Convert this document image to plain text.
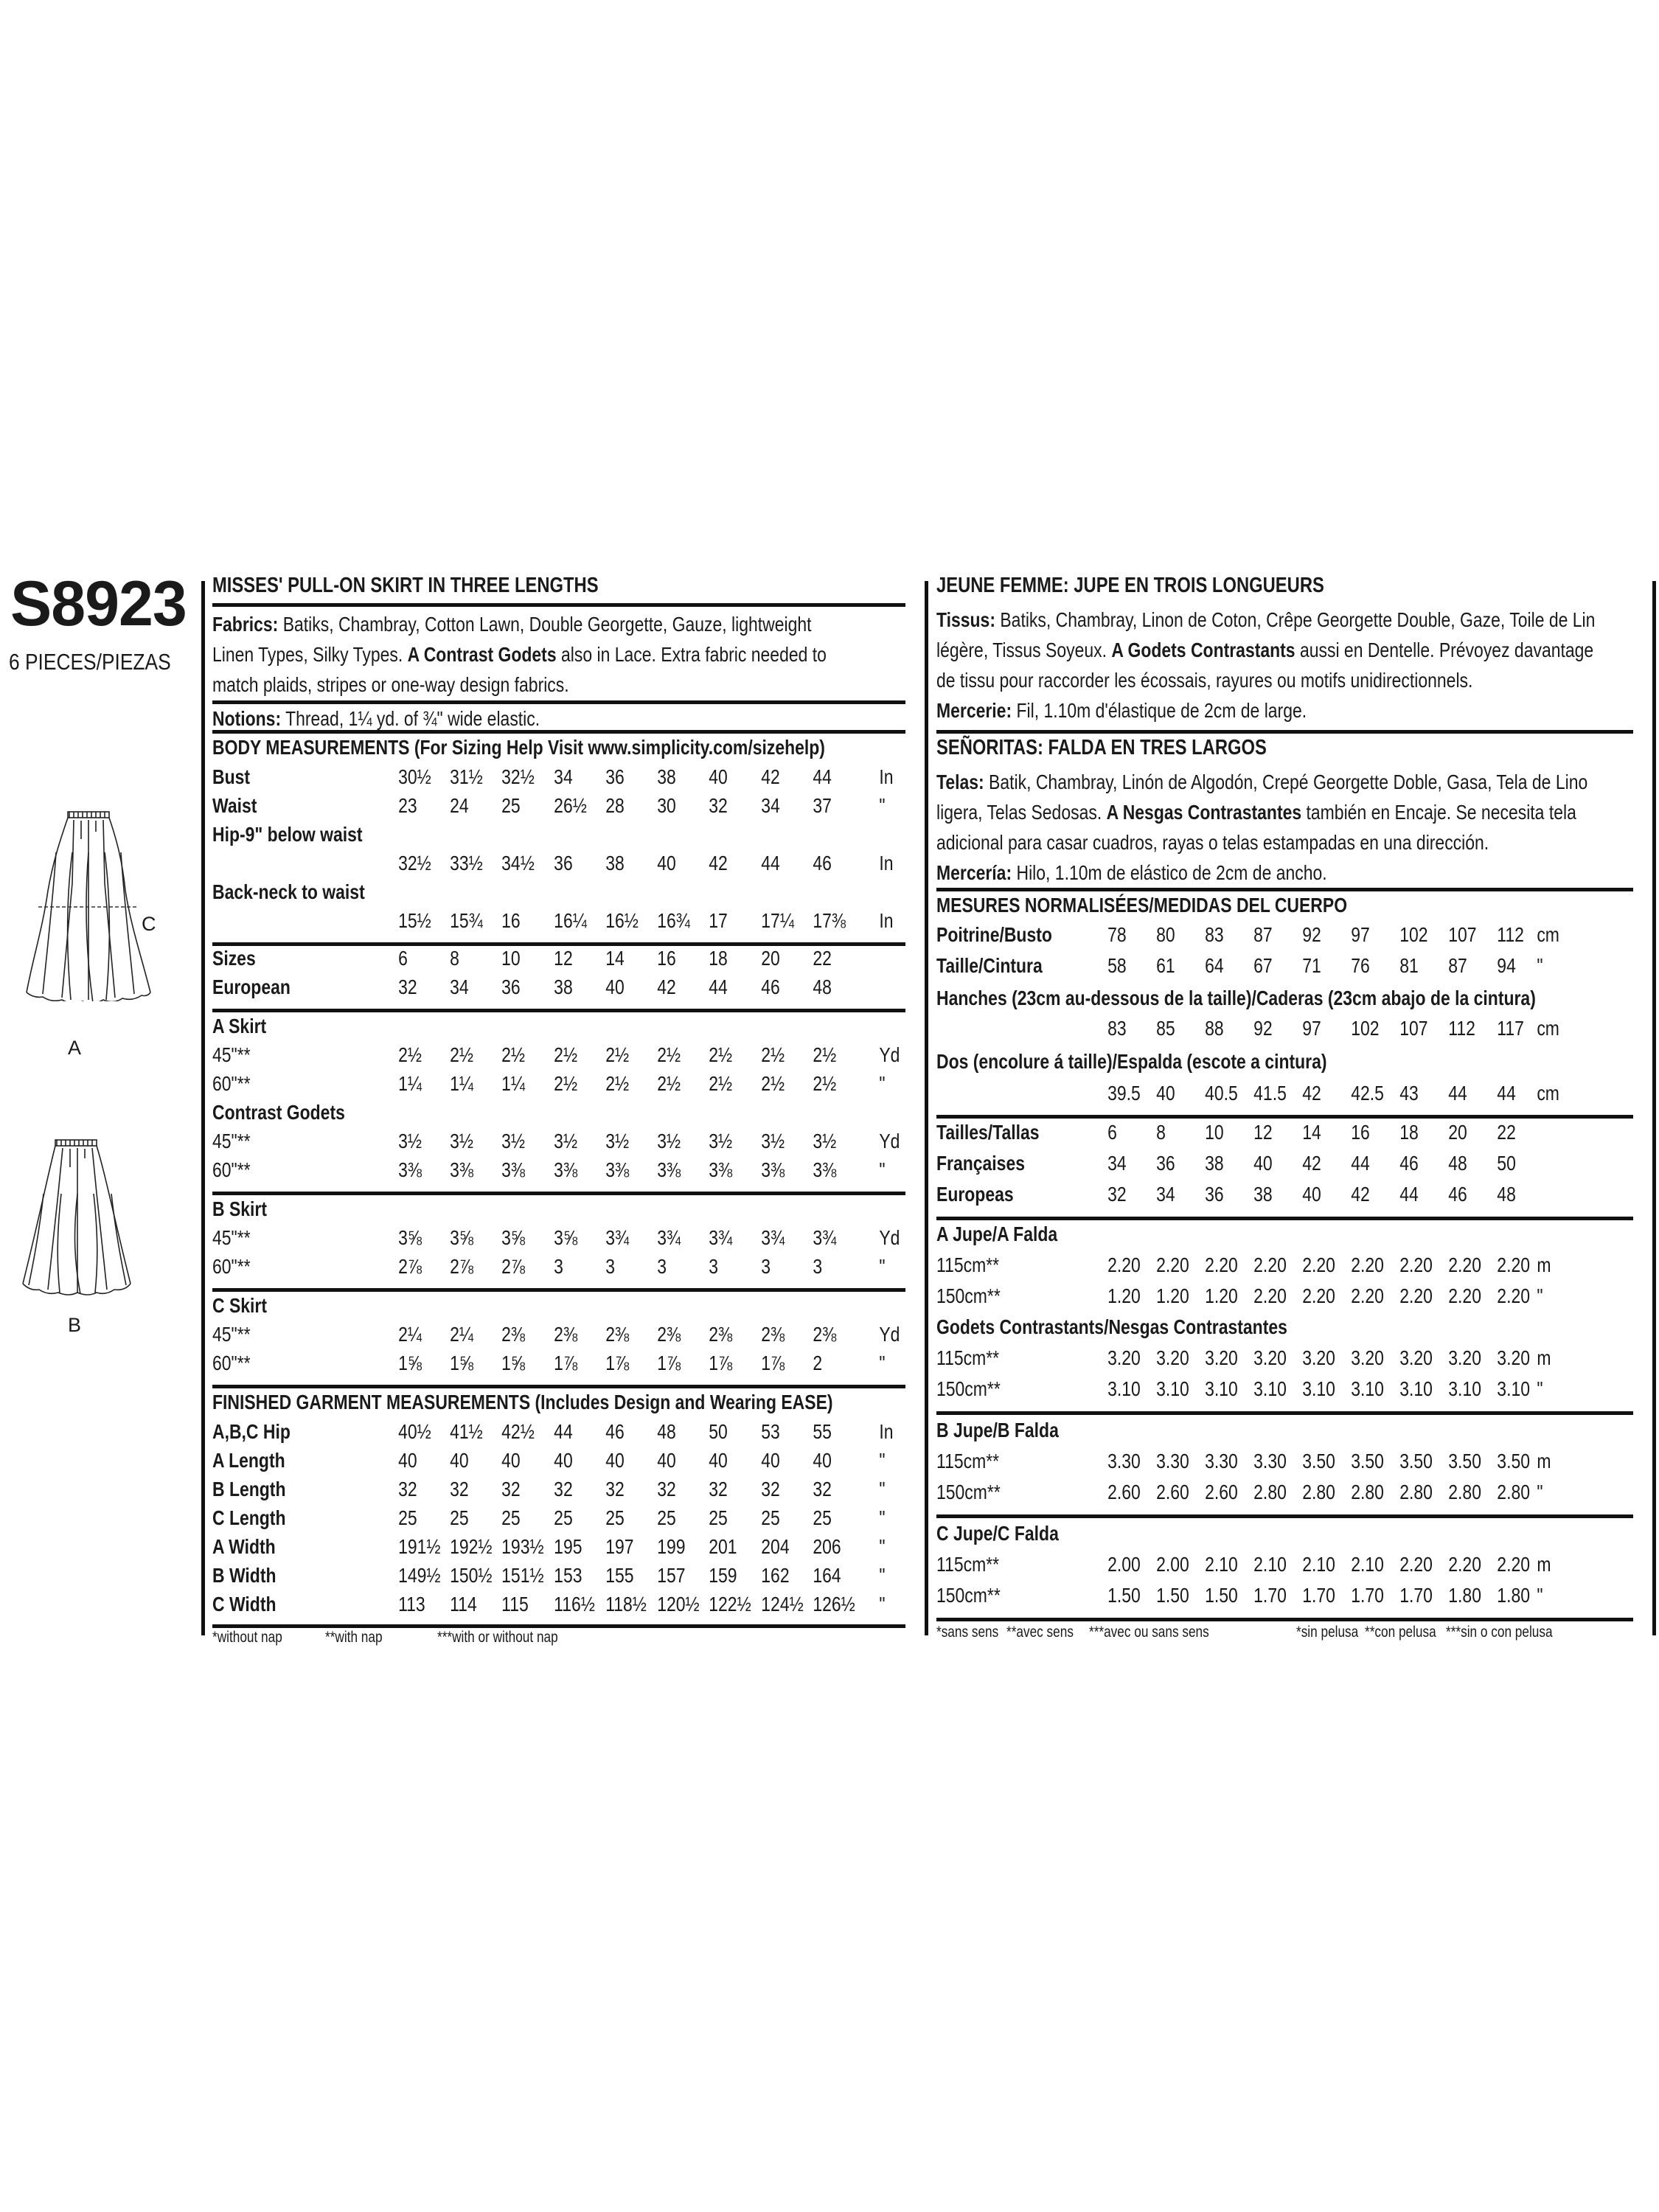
S8923
6 PIECES/PIEZAS
C
A
B
MISSES' PULL-ON SKIRT IN THREE LENGTHS
Fabrics: Batiks, Chambray, Cotton Lawn, Double Georgette, Gauze, lightweight
Linen Types, Silky Types. A Contrast Godets also in Lace. Extra fabric needed to
match plaids, stripes or one-way design fabrics.
Notions: Thread, 1¼ yd. of ¾" wide elastic.
BODY MEASUREMENTS (For Sizing Help Visit www.simplicity.com/sizehelp)
Bust	30½ 31½ 32½ 34 36 38 40 42 44 In
Waist	23 24 25 26½ 28 30 32 34 37 "
Hip-9" below waist
32½ 33½ 34½ 36 38 40 42 44 46 In
Back-neck to waist
15½ 15¾ 16 16¼ 16½ 16¾ 17 17¼ 17⅜ In
Sizes	6 8 10 12 14 16 18 20 22
European	32 34 36 38 40 42 44 46 48
A Skirt
45"**	2½ 2½ 2½ 2½ 2½ 2½ 2½ 2½ 2½ Yd
60"**	1¼ 1¼ 1¼ 2½ 2½ 2½ 2½ 2½ 2½ "
Contrast Godets
45"**	3½ 3½ 3½ 3½ 3½ 3½ 3½ 3½ 3½ Yd
60"**	3⅜ 3⅜ 3⅜ 3⅜ 3⅜ 3⅜ 3⅜ 3⅜ 3⅜ "
B Skirt
45"**	3⅝ 3⅝ 3⅝ 3⅝ 3¾ 3¾ 3¾ 3¾ 3¾ Yd
60"**	2⅞ 2⅞ 2⅞ 3 3 3 3 3 3	"
C Skirt
45"**	2¼ 2¼ 2⅜ 2⅜ 2⅜ 2⅜ 2⅜ 2⅜ 2⅜ Yd
60"**	1⅝ 1⅝ 1⅝ 1⅞ 1⅞ 1⅞ 1⅞ 1⅞ 2	"
FINISHED GARMENT MEASUREMENTS (Includes Design and Wearing EASE)
A,B,C Hip	40½ 41½ 42½ 44 46 48 50 53 55 In
A Length	40 40 40 40 40 40 40 40 40 "
B Length	32 32 32 32 32 32 32 32 32 "
C Length	25 25 25 25 25 25 25 25 25 "
A Width	191½ 192½ 193½ 195 197 199 201 204 206 "
B Width	149½ 150½ 151½ 153 155 157 159 162 164 "
C Width	113 114 115 116½ 118½ 120½ 122½ 124½ 126½ "
*without nap	**with nap	***with or without nap
JEUNE FEMME: JUPE EN TROIS LONGUEURS
Tissus: Batiks, Chambray, Linon de Coton, Crêpe Georgette Double, Gaze, Toile de Lin
légère, Tissus Soyeux. A Godets Contrastants aussi en Dentelle. Prévoyez davantage
de tissu pour raccorder les écossais, rayures ou motifs unidirectionnels.
Mercerie: Fil, 1.10m d'élastique de 2cm de large.
SEÑORITAS: FALDA EN TRES LARGOS
Telas: Batik, Chambray, Linón de Algodón, Crepé Georgette Doble, Gasa, Tela de Lino
ligera, Telas Sedosas. A Nesgas Contrastantes también en Encaje. Se necesita tela
adicional para casar cuadros, rayas o telas estampadas en una dirección.
Mercería: Hilo, 1.10m de elástico de 2cm de ancho.
MESURES NORMALISÉES/MEDIDAS DEL CUERPO
Poitrine/Busto	78 80 83 87 92 97 102 107 112 cm
Taille/Cintura	58 61 64 67 71 76 81 87 94 "
Hanches (23cm au-dessous de la taille)/Caderas (23cm abajo de la cintura)
83 85 88 92 97 102 107 112 117 cm
Dos (encolure á taille)/Espalda (escote a cintura)
39.5 40 40.5 41.5 42 42.5 43 44 44 cm
Tailles/Tallas	6 8 10 12 14 16 18 20 22
Françaises	34 36 38 40 42 44 46 48 50
Europeas	32 34 36 38 40 42 44 46 48
A Jupe/A Falda
115cm**	2.20 2.20 2.20 2.20 2.20 2.20 2.20 2.20 2.20 m
150cm**	1.20 1.20 1.20 2.20 2.20 2.20 2.20 2.20 2.20 "
Godets Contrastants/Nesgas Contrastantes
115cm**	3.20 3.20 3.20 3.20 3.20 3.20 3.20 3.20 3.20 m
150cm**	3.10 3.10 3.10 3.10 3.10 3.10 3.10 3.10 3.10 "
B Jupe/B Falda
115cm**	3.30 3.30 3.30 3.30 3.50 3.50 3.50 3.50 3.50 m
150cm**	2.60 2.60 2.60 2.80 2.80 2.80 2.80 2.80 2.80 "
C Jupe/C Falda
115cm**	2.00 2.00 2.10 2.10 2.10 2.10 2.20 2.20 2.20 m
150cm**	1.50 1.50 1.50 1.70 1.70 1.70 1.70 1.80 1.80 "
*sans sens **avec sens ***avec ou sans sens	*sin pelusa **con pelusa ***sin o con pelusa
